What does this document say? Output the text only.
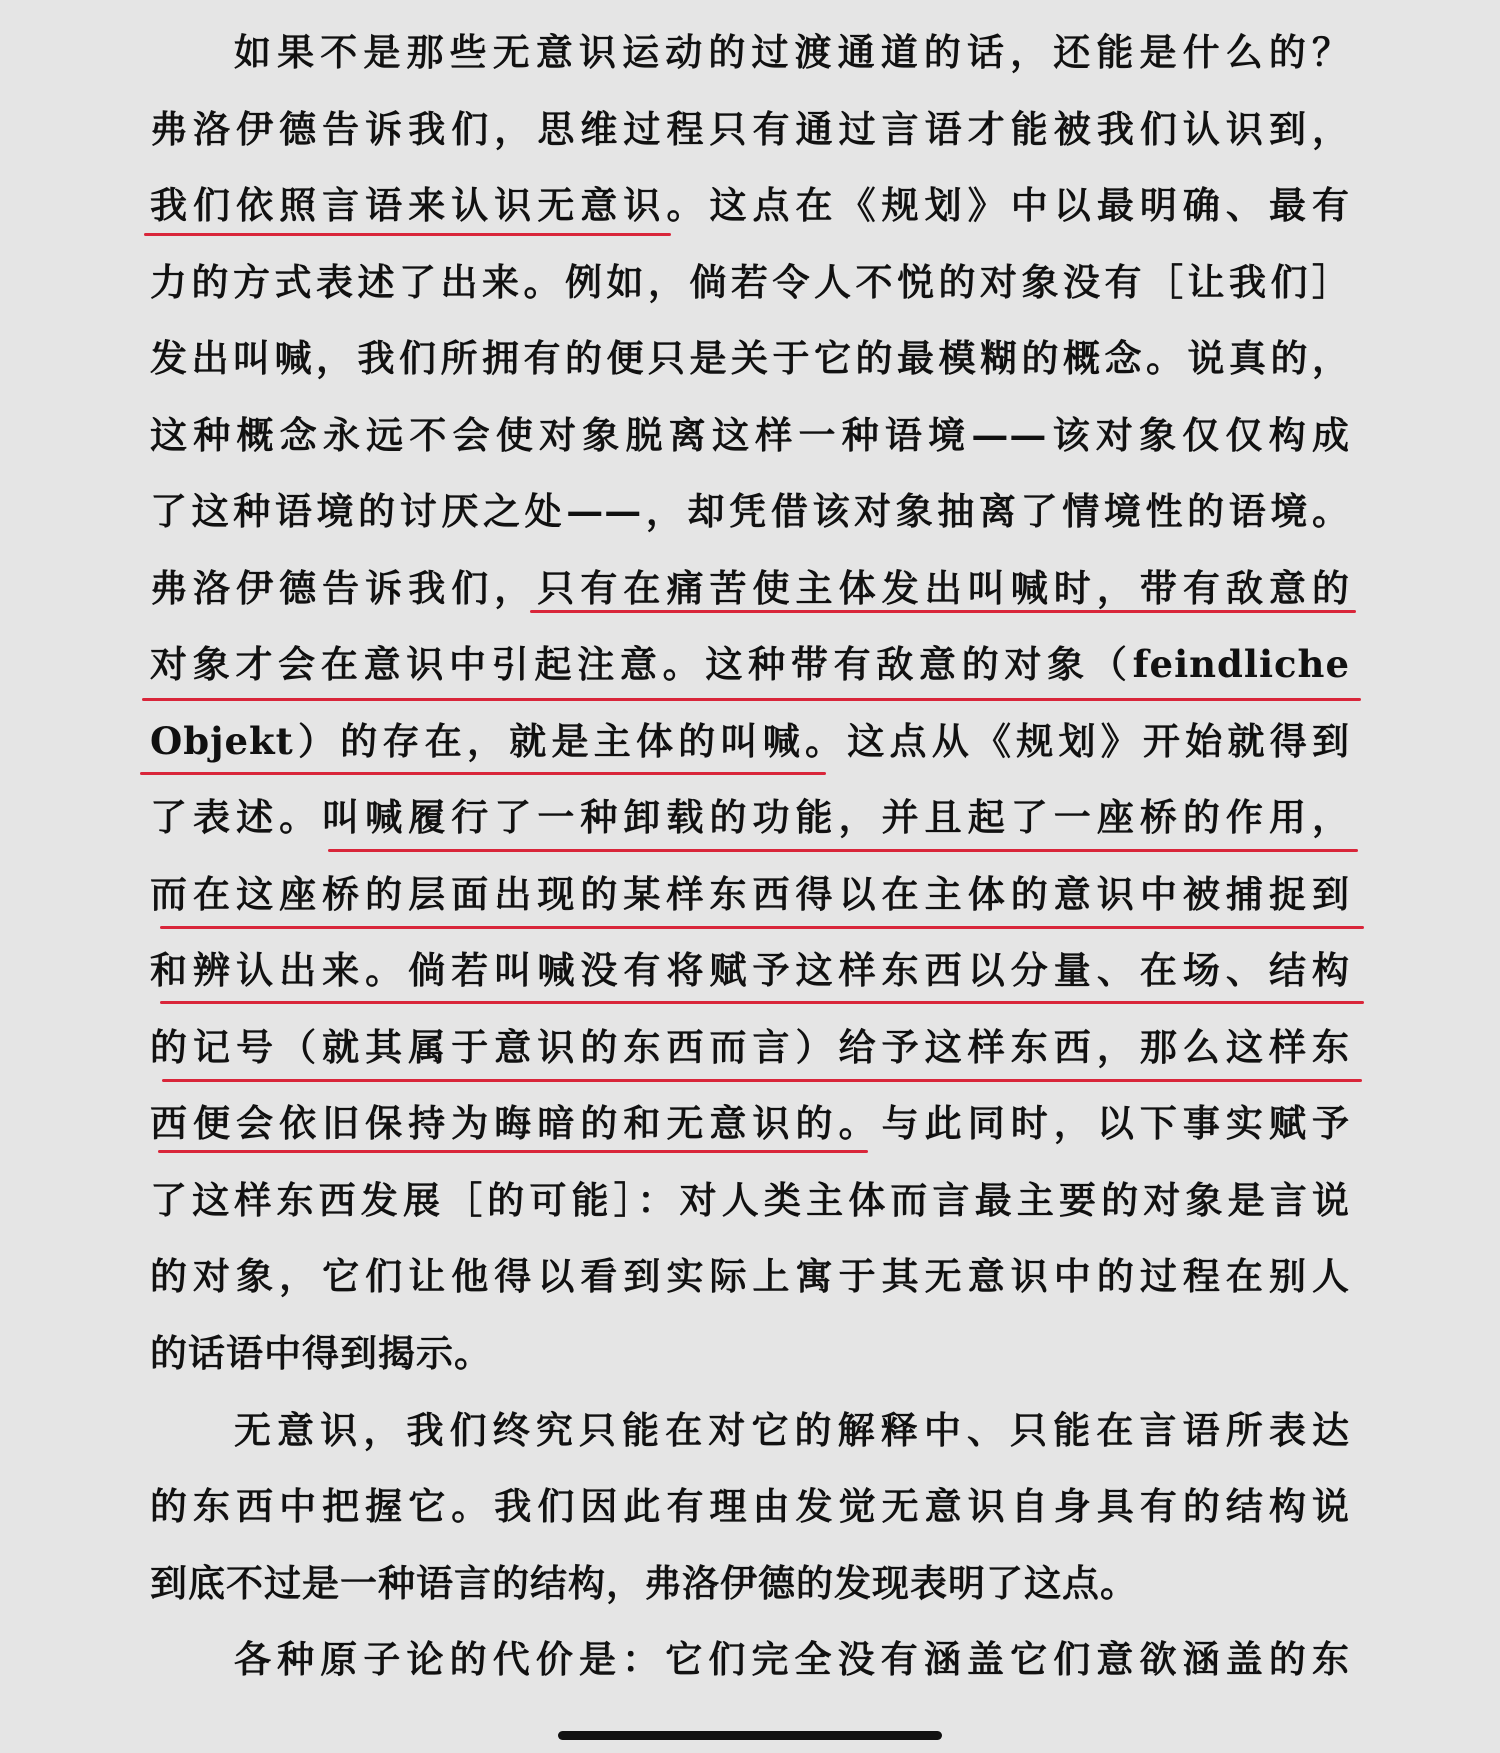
如果不是那些无意识运动的过渡通道的话，还能是什么的？
弗洛伊德告诉我们，思维过程只有通过言语才能被我们认识到，
我们依照言语来认识无意识。这点在《规划》中以最明确、最有
力的方式表述了出来。例如，倘若令人不悦的对象没有［让我们］
发出叫喊，我们所拥有的便只是关于它的最模糊的概念。说真的，
这种概念永远不会使对象脱离这样一种语境——该对象仅仅构成
了这种语境的讨厌之处——，却凭借该对象抽离了情境性的语境。
弗洛伊德告诉我们，只有在痛苦使主体发出叫喊时，带有敌意的
对象才会在意识中引起注意。这种带有敌意的对象（feindliche
Objekt）的存在，就是主体的叫喊。这点从《规划》开始就得到
了表述。叫喊履行了一种卸载的功能，并且起了一座桥的作用，
而在这座桥的层面出现的某样东西得以在主体的意识中被捕捉到
和辨认出来。倘若叫喊没有将赋予这样东西以分量、在场、结构
的记号（就其属于意识的东西而言）给予这样东西，那么这样东
西便会依旧保持为晦暗的和无意识的。与此同时，以下事实赋予
了这样东西发展［的可能］：对人类主体而言最主要的对象是言说
的对象，它们让他得以看到实际上寓于其无意识中的过程在别人
的话语中得到揭示。
无意识，我们终究只能在对它的解释中、只能在言语所表达
的东西中把握它。我们因此有理由发觉无意识自身具有的结构说
到底不过是一种语言的结构，弗洛伊德的发现表明了这点。
各种原子论的代价是：它们完全没有涵盖它们意欲涵盖的东
